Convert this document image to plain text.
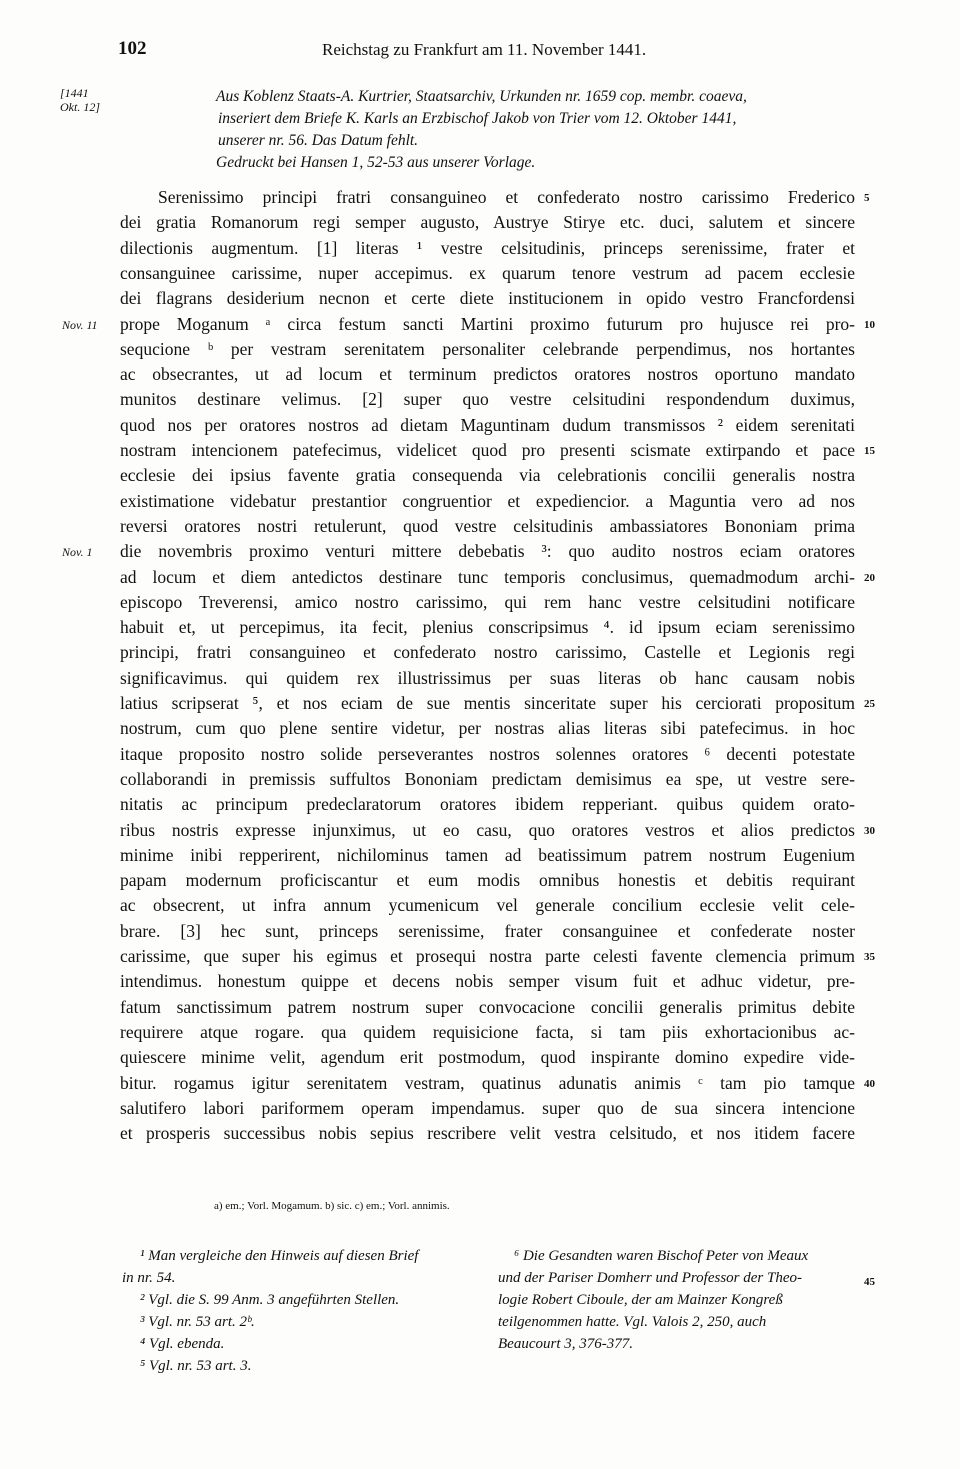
102	Reichstag zu Frankfurt am 11. November 1441.
[1441
Okt. 12]
Aus Koblenz Staats-A. Kurtrier, Staatsarchiv, Urkunden nr. 1659 cop. membr. coaeva,
inseriert dem Briefe K. Karls an Erzbischof Jakob von Trier vom 12. Oktober 1441,
unserer nr. 56. Das Datum fehlt.
Gedruckt bei Hansen 1, 52-53 aus unserer Vorlage.
Serenissimo principi fratri consanguineo et confederato nostro carissimo Frederico
dei gratia Romanorum regi semper augusto, Austrye Stirye etc. duci, salutem et sincere
dilectionis augmentum. [1] literas ¹ vestre celsitudinis, princeps serenissime, frater et
consanguinee carissime, nuper accepimus. ex quarum tenore vestrum ad pacem ecclesie
dei flagrans desiderium necnon et certe diete institucionem in opido vestro Francfordensi
prope Moganum ᵃ circa festum sancti Martini proximo futurum pro hujusce rei pro-
sequcione ᵇ per vestram serenitatem personaliter celebrande perpendimus, nos hortantes
ac obsecrantes, ut ad locum et terminum predictos oratores nostros oportuno mandato
munitos destinare velimus. [2] super quo vestre celsitudini respondendum duximus,
quod nos per oratores nostros ad dietam Maguntinam dudum transmissos ² eidem serenitati
nostram intencionem patefecimus, videlicet quod pro presenti scismate extirpando et pace
ecclesie dei ipsius favente gratia consequenda via celebrationis concilii generalis nostra
existimatione videbatur prestantior congruentior et expediencior. a Maguntia vero ad nos
reversi oratores nostri retulerunt, quod vestre celsitudinis ambassiatores Bononiam prima
die novembris proximo venturi mittere debebatis ³: quo audito nostros eciam oratores
ad locum et diem antedictos destinare tunc temporis conclusimus, quemadmodum archi-
episcopo Treverensi, amico nostro carissimo, qui rem hanc vestre celsitudini notificare
habuit et, ut percepimus, ita fecit, plenius conscripsimus ⁴. id ipsum eciam serenissimo
principi, fratri consanguineo et confederato nostro carissimo, Castelle et Legionis regi
significavimus. qui quidem rex illustrissimus per suas literas ob hanc causam nobis
latius scripserat ⁵, et nos eciam de sue mentis sinceritate super his cerciorati propositum
nostrum, cum quo plene sentire videtur, per nostras alias literas sibi patefecimus. in hoc
itaque proposito nostro solide perseverantes nostros solennes oratores ⁶ decenti potestate
collaborandi in premissis suffultos Bononiam predictam demisimus ea spe, ut vestre sere-
nitatis ac principum predeclaratorum oratores ibidem repperiant. quibus quidem orato-
ribus nostris expresse injunximus, ut eo casu, quo oratores vestros et alios predictos
minime inibi repperirent, nichilominus tamen ad beatissimum patrem nostrum Eugenium
papam modernum proficiscantur et eum modis omnibus honestis et debitis requirant
ac obsecrent, ut infra annum ycumenicum vel generale concilium ecclesie velit cele-
brare. [3] hec sunt, princeps serenissime, frater consanguinee et confederate noster
carissime, que super his egimus et prosequi nostra parte celesti favente clemencia primum
intendimus. honestum quippe et decens nobis semper visum fuit et adhuc videtur, pre-
fatum sanctissimum patrem nostrum super convocacione concilii generalis primitus debite
requirere atque rogare. qua quidem requisicione facta, si tam piis exhortacionibus ac-
quiescere minime velit, agendum erit postmodum, quod inspirante domino expedire vide-
bitur. rogamus igitur serenitatem vestram, quatinus adunatis animis ᶜ tam pio tamque
salutifero labori pariformem operam impendamus. super quo de sua sincera intencione
et prosperis successibus nobis sepius rescribere velit vestra celsitudo, et nos itidem facere
5
10
15
20
25
30
35
40
Nov. 11
Nov. 1
a) em.; Vorl. Mogamum. b) sic. c) em.; Vorl. annimis.
¹ Man vergleiche den Hinweis auf diesen Brief
in nr. 54.
² Vgl. die S. 99 Anm. 3 angeführten Stellen.
³ Vgl. nr. 53 art. 2ᵇ.
⁴ Vgl. ebenda.
⁵ Vgl. nr. 53 art. 3.
⁶ Die Gesandten waren Bischof Peter von Meaux
und der Pariser Domherr und Professor der Theo-
logie Robert Ciboule, der am Mainzer Kongreß
teilgenommen hatte. Vgl. Valois 2, 250, auch
Beaucourt 3, 376-377.
45
